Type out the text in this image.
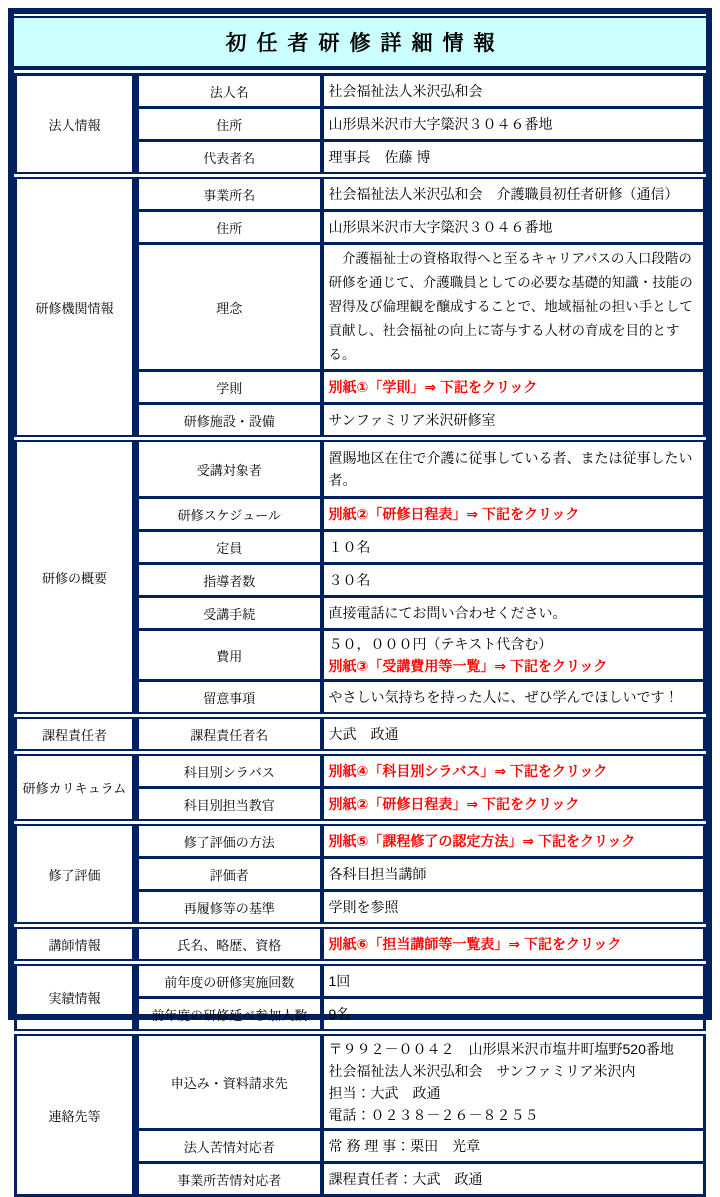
初任者研修詳細情報
法人情報	法人名	社会福祉法人米沢弘和会

	住所	山形県米沢市大字簗沢３０４６番地

	代表者名	理事長　佐藤 博

研修機関情報	事業所名	社会福祉法人米沢弘和会　介護職員初任者研修（通信）

	住所	山形県米沢市大字簗沢３０４６番地

	理念	　介護福祉士の資格取得へと至るキャリアパスの入口段階の研修を通じて、介護職員としての必要な基礎的知識・技能の習得及び倫理観を醸成することで、地域福祉の担い手として貢献し、社会福祉の向上に寄与する人材の育成を目的とする。

	学則	別紙①「学則」⇒ 下記をクリック

	研修施設・設備	サンファミリア米沢研修室

研修の概要	受講対象者	置賜地区在住で介護に従事している者、または従事したい者。

	研修スケジュール	別紙②「研修日程表」⇒ 下記をクリック

	定員	１０名

	指導者数	３０名

	受講手続	直接電話にてお問い合わせください。

	費用	５０，０００円（テキスト代含む）
別紙③「受講費用等一覧」⇒ 下記をクリック

	留意事項	やさしい気持ちを持った人に、ぜひ学んでほしいです！

課程責任者	課程責任者名	大武　政通

研修カリキュラム	科目別シラバス	別紙④「科目別シラバス」⇒ 下記をクリック

	科目別担当教官	別紙②「研修日程表」⇒ 下記をクリック

修了評価	修了評価の方法	別紙⑤「課程修了の認定方法」⇒ 下記をクリック

	評価者	各科目担当講師

	再履修等の基準	学則を参照

講師情報	氏名、略歴、資格	別紙⑥「担当講師等一覧表」⇒ 下記をクリック

実績情報	前年度の研修実施回数	1回

	前年度の研修延べ参加人数	9名

連絡先等	申込み・資料請求先	〒９９２－００４２　山形県米沢市塩井町塩野520番地
社会福祉法人米沢弘和会　サンファミリア米沢内
担当：大武　政通
電話：０２３８－２６－８２５５

	法人苦情対応者	常 務 理 事：栗田　光章

	事業所苦情対応者	課程責任者：大武　政通
